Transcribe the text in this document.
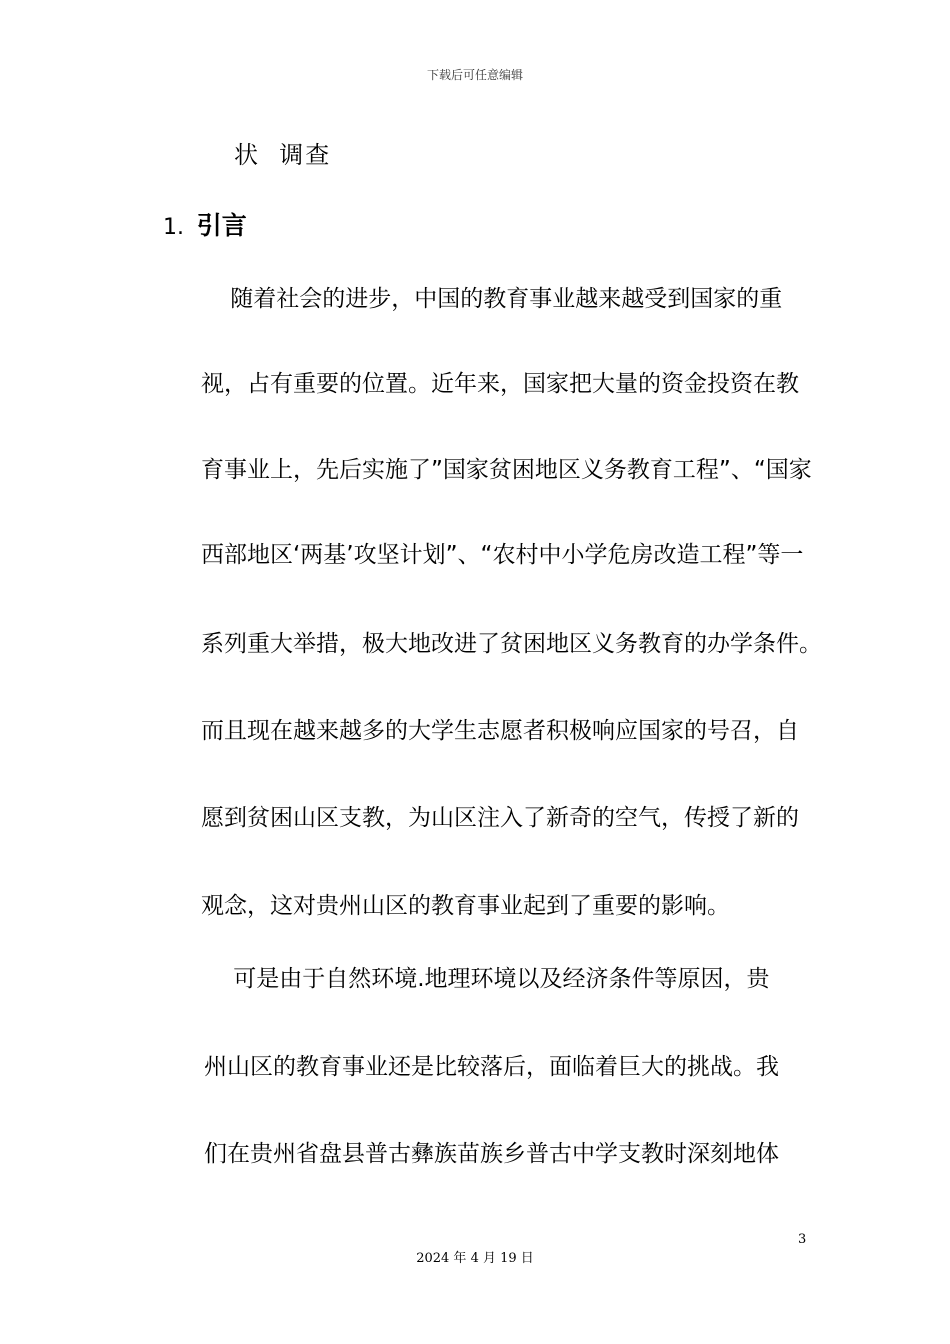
下载后可任意编辑
状  调查
1. 引言
随着社会的进步，中国的教育事业越来越受到国家的重
视，占有重要的位置。近年来，国家把大量的资金投资在教
育事业上，先后实施了”国家贫困地区义务教育工程”、“国家
西部地区‘两基’攻坚计划”、“农村中小学危房改造工程”等一
系列重大举措，极大地改进了贫困地区义务教育的办学条件。
而且现在越来越多的大学生志愿者积极响应国家的号召，自
愿到贫困山区支教，为山区注入了新奇的空气，传授了新的
观念，这对贵州山区的教育事业起到了重要的影响。
可是由于自然环境.地理环境以及经济条件等原因，贵
州山区的教育事业还是比较落后，面临着巨大的挑战。我
们在贵州省盘县普古彝族苗族乡普古中学支教时深刻地体
3
2024 年 4 月 19 日
